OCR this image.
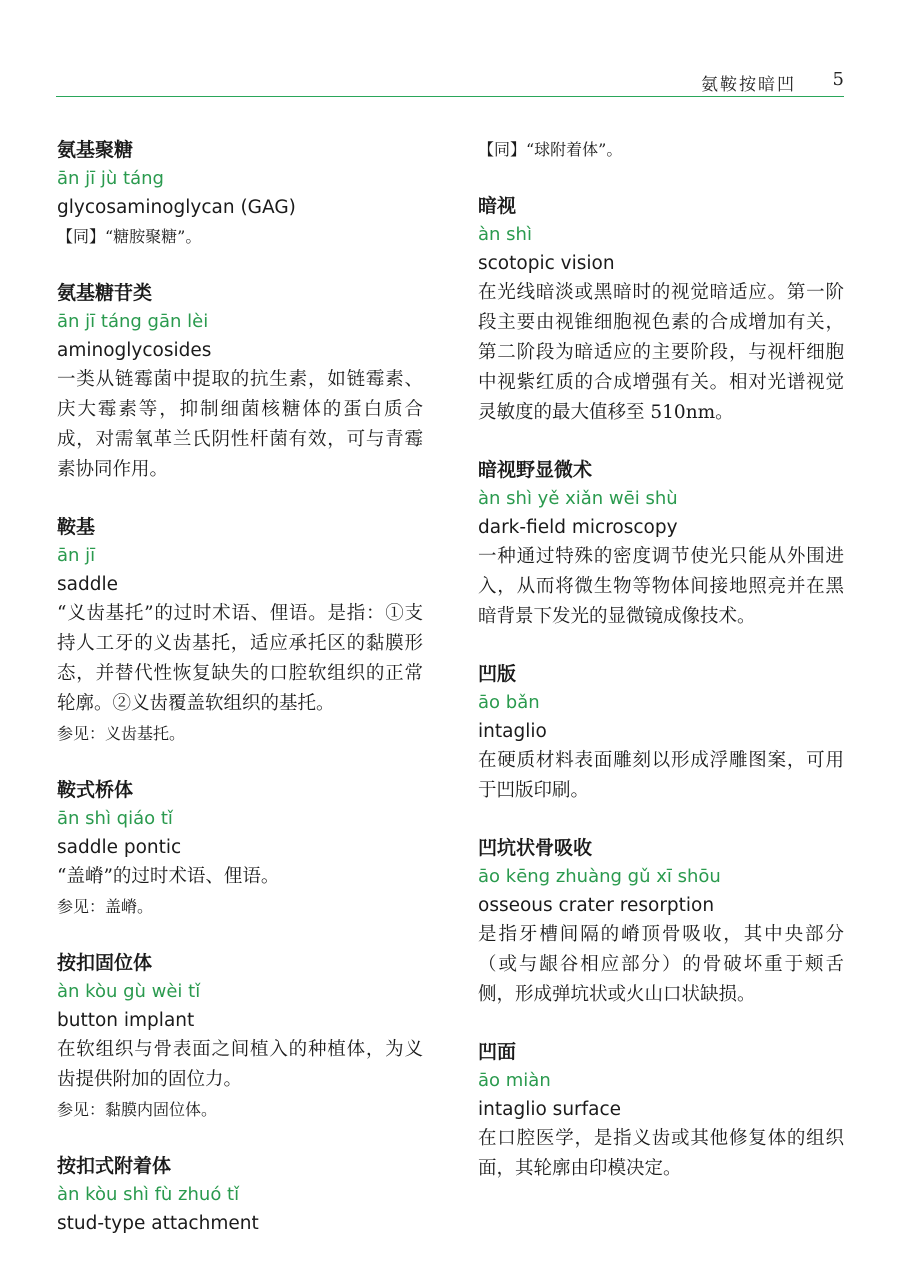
氨鞍按暗凹 5
氨基聚糖
ān jī jù táng
glycosaminoglycan (GAG)
【同】“糖胺聚糖”。
氨基糖苷类
ān jī táng gān lèi
aminoglycosides
一类从链霉菌中提取的抗生素，如链霉素、庆大霉素等，抑制细菌核糖体的蛋白质合成，对需氧革兰氏阴性杆菌有效，可与青霉素协同作用。
鞍基
ān jī
saddle
“义齿基托”的过时术语、俚语。是指：①支持人工牙的义齿基托，适应承托区的黏膜形态，并替代性恢复缺失的口腔软组织的正常轮廓。②义齿覆盖软组织的基托。
参见：义齿基托。
鞍式桥体
ān shì qiáo tǐ
saddle pontic
“盖嵴”的过时术语、俚语。
参见：盖嵴。
按扣固位体
àn kòu gù wèi tǐ
button implant
在软组织与骨表面之间植入的种植体，为义齿提供附加的固位力。
参见：黏膜内固位体。
按扣式附着体
àn kòu shì fù zhuó tǐ
stud-type attachment
【同】“球附着体”。
暗视
àn shì
scotopic vision
在光线暗淡或黑暗时的视觉暗适应。第一阶段主要由视锥细胞视色素的合成增加有关，第二阶段为暗适应的主要阶段，与视杆细胞中视紫红质的合成增强有关。相对光谱视觉灵敏度的最大值移至 510nm。
暗视野显微术
àn shì yě xiǎn wēi shù
dark-field microscopy
一种通过特殊的密度调节使光只能从外围进入，从而将微生物等物体间接地照亮并在黑暗背景下发光的显微镜成像技术。
凹版
āo bǎn
intaglio
在硬质材料表面雕刻以形成浮雕图案，可用于凹版印刷。
凹坑状骨吸收
āo kēng zhuàng gǔ xī shōu
osseous crater resorption
是指牙槽间隔的嵴顶骨吸收，其中央部分（或与龈谷相应部分）的骨破坏重于颊舌侧，形成弹坑状或火山口状缺损。
凹面
āo miàn
intaglio surface
在口腔医学，是指义齿或其他修复体的组织面，其轮廓由印模决定。
